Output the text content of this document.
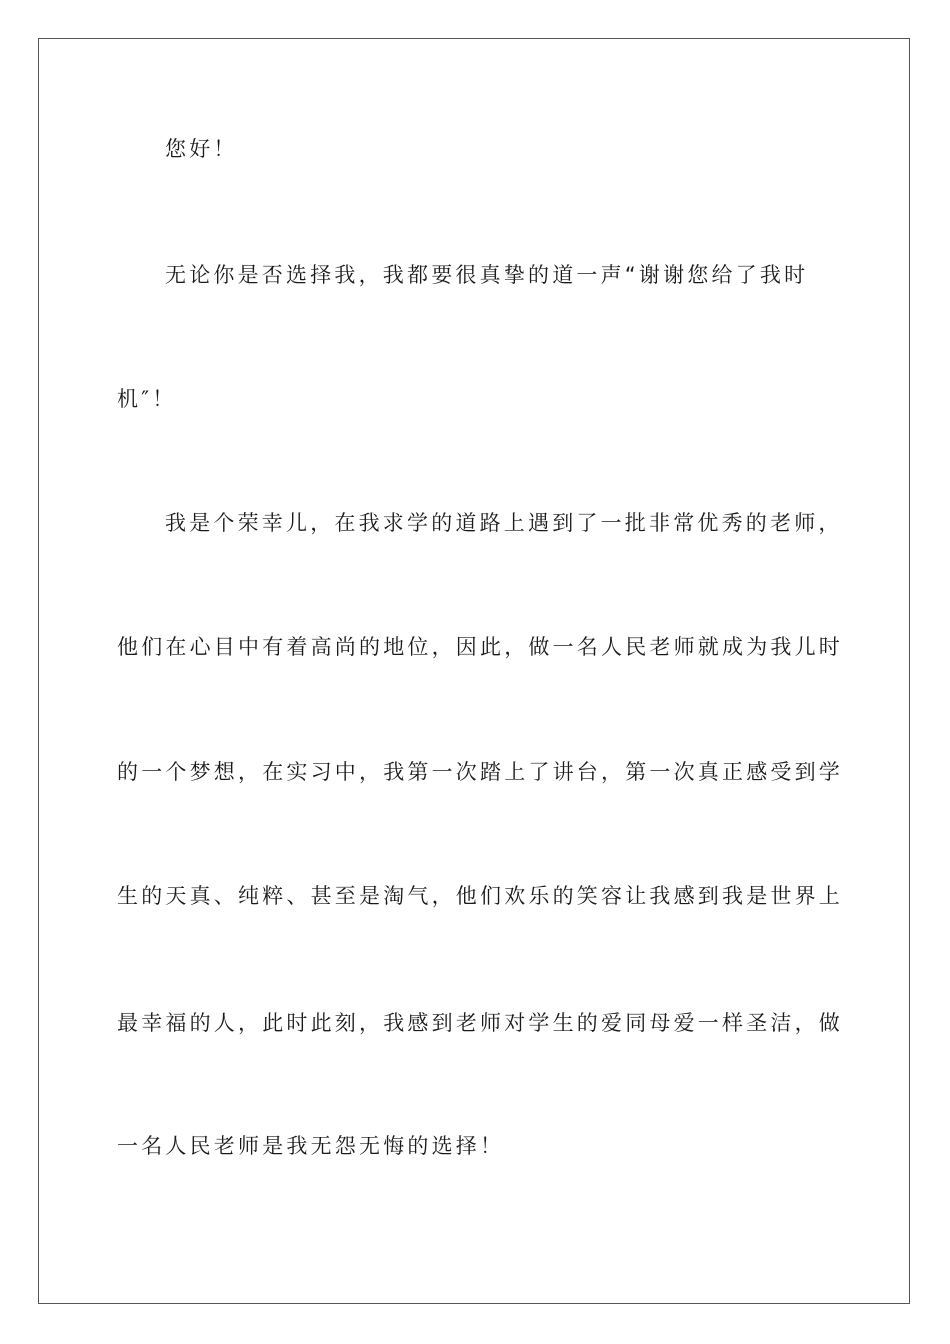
您好！
无论你是否选择我，我都要很真挚的道一声“谢谢您给了我时
机″！
我是个荣幸儿，在我求学的道路上遇到了一批非常优秀的老师，
他们在心目中有着高尚的地位，因此，做一名人民老师就成为我儿时
的一个梦想，在实习中，我第一次踏上了讲台，第一次真正感受到学
生的天真、纯粹、甚至是淘气，他们欢乐的笑容让我感到我是世界上
最幸福的人，此时此刻，我感到老师对学生的爱同母爱一样圣洁，做
一名人民老师是我无怨无悔的选择！
